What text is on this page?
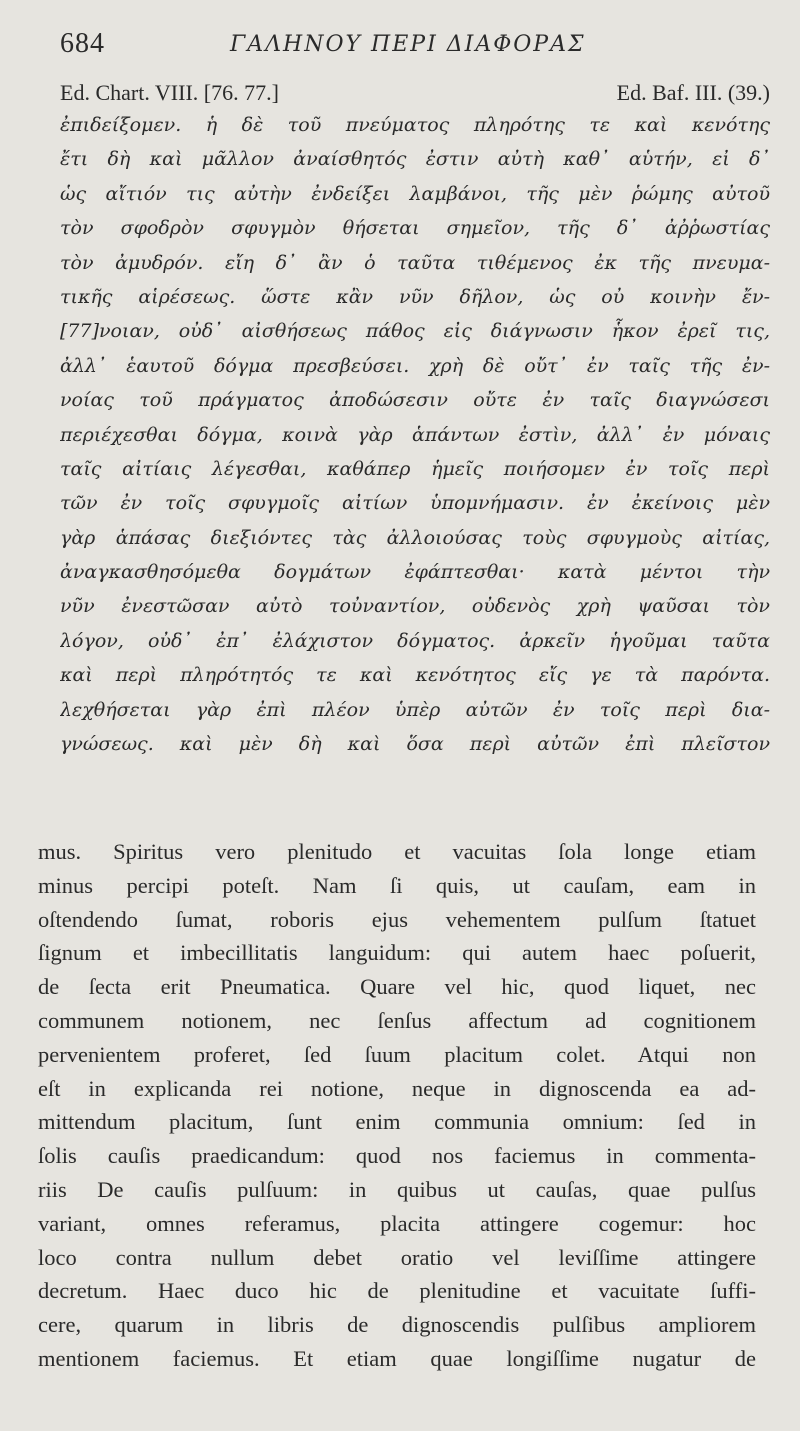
684	ΓΑΛΗΝΟΥ ΠΕΡΙ ΔΙΑΦΟΡΑΣ
Ed. Chart. VIII. [76. 77.]	Ed. Baf. III. (39.)
ἐπιδείξομεν. ἡ δὲ τοῦ πνεύματος πληρότης τε καὶ κενότης
ἔτι δὴ καὶ μᾶλλον ἀναίσθητός ἐστιν αὐτὴ καθ᾽ αὑτήν, εἰ δ᾽
ὡς αἴτιόν τις αὐτὴν ἐνδείξει λαμβάνοι, τῆς μὲν ῥώμης αὐτοῦ
τὸν σφοδρὸν σφυγμὸν θήσεται σημεῖον, τῆς δ᾽ ἀῤῥωστίας
τὸν ἀμυδρόν. εἴη δ᾽ ἂν ὁ ταῦτα τιθέμενος ἐκ τῆς πνευμα-
τικῆς αἱρέσεως. ὥστε κἂν νῦν δῆλον, ὡς οὐ κοινὴν ἔν-
[77]νοιαν, οὐδ᾽ αἰσθήσεως πάθος εἰς διάγνωσιν ἧκον ἐρεῖ τις,
ἀλλ᾽ ἑαυτοῦ δόγμα πρεσβεύσει. χρὴ δὲ οὔτ᾽ ἐν ταῖς τῆς ἐν-
νοίας τοῦ πράγματος ἀποδώσεσιν οὔτε ἐν ταῖς διαγνώσεσι
περιέχεσθαι δόγμα, κοινὰ γὰρ ἁπάντων ἐστὶν, ἀλλ᾽ ἐν μόναις
ταῖς αἰτίαις λέγεσθαι, καθάπερ ἡμεῖς ποιήσομεν ἐν τοῖς περὶ
τῶν ἐν τοῖς σφυγμοῖς αἰτίων ὑπομνήμασιν. ἐν ἐκείνοις μὲν
γὰρ ἁπάσας διεξιόντες τὰς ἀλλοιούσας τοὺς σφυγμοὺς αἰτίας,
ἀναγκασθησόμεθα δογμάτων ἐφάπτεσθαι· κατὰ μέντοι τὴν
νῦν ἐνεστῶσαν αὐτὸ τοὐναντίον, οὐδενὸς χρὴ ψαῦσαι τὸν
λόγον, οὐδ᾽ ἐπ᾽ ἐλάχιστον δόγματος. ἀρκεῖν ἡγοῦμαι ταῦτα
καὶ περὶ πληρότητός τε καὶ κενότητος εἴς γε τὰ παρόντα.
λεχθήσεται γὰρ ἐπὶ πλέον ὑπὲρ αὐτῶν ἐν τοῖς περὶ δια-
γνώσεως. καὶ μὲν δὴ καὶ ὅσα περὶ αὐτῶν ἐπὶ πλεῖστον
mus. Spiritus vero plenitudo et vacuitas ſola longe etiam
minus percipi poteſt. Nam ſi quis, ut cauſam, eam in
oſtendendo ſumat, roboris ejus vehementem pulſum ſtatuet
ſignum et imbecillitatis languidum: qui autem haec poſuerit,
de ſecta erit Pneumatica. Quare vel hic, quod liquet, nec
communem notionem, nec ſenſus affectum ad cognitionem
pervenientem proferet, ſed ſuum placitum colet. Atqui non
eſt in explicanda rei notione, neque in dignoscenda ea ad-
mittendum placitum, ſunt enim communia omnium: ſed in
ſolis cauſis praedicandum: quod nos faciemus in commenta-
riis De cauſis pulſuum: in quibus ut cauſas, quae pulſus
variant, omnes referamus, placita attingere cogemur: hoc
loco contra nullum debet oratio vel leviſſime attingere
decretum. Haec duco hic de plenitudine et vacuitate ſuffi-
cere, quarum in libris de dignoscendis pulſibus ampliorem
mentionem faciemus. Et etiam quae longiſſime nugatur de
